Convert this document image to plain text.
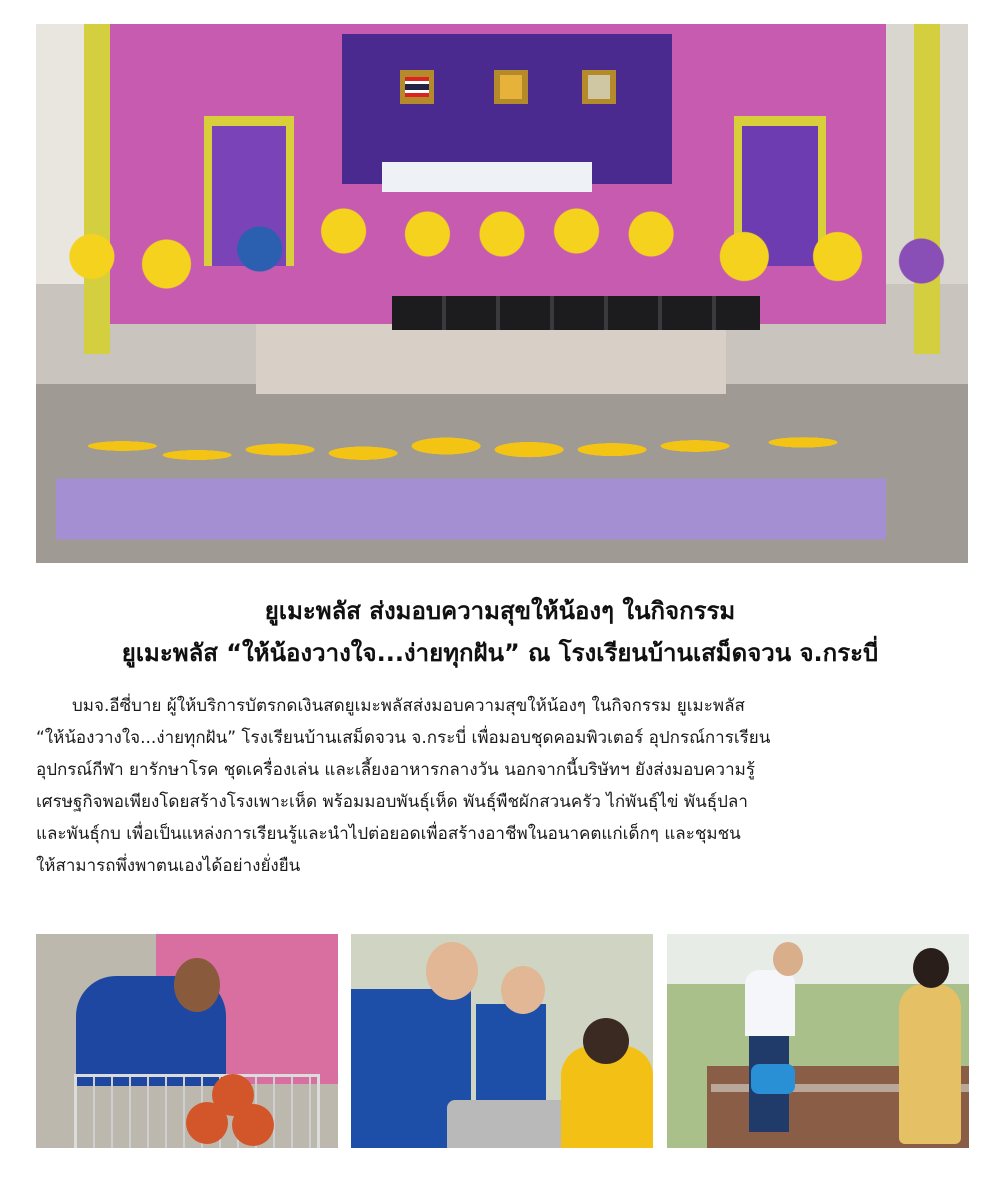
ยูเมะพลัส ส่งมอบความสุขให้น้องๆ ในกิจกรรม
ยูเมะพลัส “ให้น้องวางใจ...ง่ายทุกฝัน” ณ โรงเรียนบ้านเสม็ดจวน จ.กระบี่
บมจ.อีซี่บาย ผู้ให้บริการบัตรกดเงินสดยูเมะพลัสส่งมอบความสุขให้น้องๆ ในกิจกรรม ยูเมะพลัส
“ให้น้องวางใจ...ง่ายทุกฝัน” โรงเรียนบ้านเสม็ดจวน จ.กระบี่ เพื่อมอบชุดคอมพิวเตอร์ อุปกรณ์การเรียน
อุปกรณ์กีฬา ยารักษาโรค ชุดเครื่องเล่น และเลี้ยงอาหารกลางวัน นอกจากนี้บริษัทฯ ยังส่งมอบความรู้
เศรษฐกิจพอเพียงโดยสร้างโรงเพาะเห็ด พร้อมมอบพันธุ์เห็ด พันธุ์พืชผักสวนครัว ไก่พันธุ์ไข่ พันธุ์ปลา
และพันธุ์กบ เพื่อเป็นแหล่งการเรียนรู้และนำไปต่อยอดเพื่อสร้างอาชีพในอนาคตแก่เด็กๆ และชุมชน
ให้สามารถพึ่งพาตนเองได้อย่างยั่งยืน
